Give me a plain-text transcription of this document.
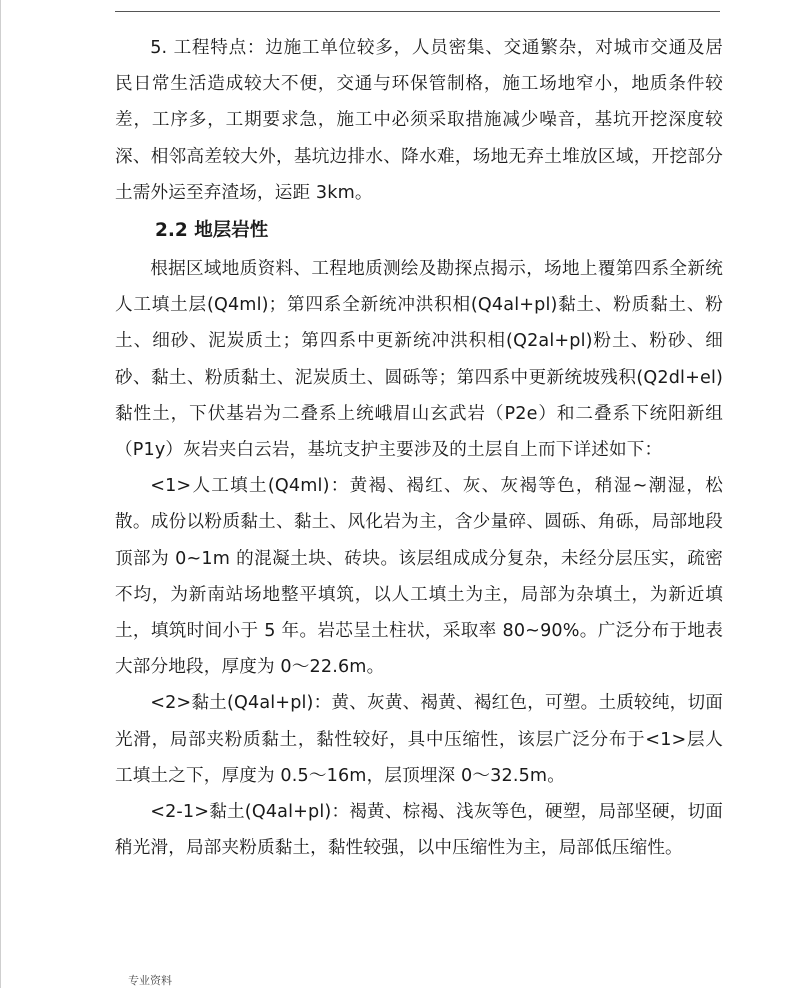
5. 工程特点：边施工单位较多，人员密集、交通繁杂，对城市交通及居民日常生活造成较大不便，交通与环保管制格，施工场地窄小，地质条件较差，工序多，工期要求急，施工中必须采取措施减少噪音，基坑开挖深度较深、相邻高差较大外，基坑边排水、降水难，场地无弃土堆放区域，开挖部分土需外运至弃渣场，运距 3km。

2.2 地层岩性

根据区域地质资料、工程地质测绘及勘探点揭示，场地上覆第四系全新统人工填土层(Q4ml)；第四系全新统冲洪积相(Q4al+pl)黏土、粉质黏土、粉土、细砂、泥炭质土；第四系中更新统冲洪积相(Q2al+pl)粉土、粉砂、细砂、黏土、粉质黏土、泥炭质土、圆砾等；第四系中更新统坡残积(Q2dl+el)黏性土，下伏基岩为二叠系上统峨眉山玄武岩（P2e）和二叠系下统阳新组（P1y）灰岩夹白云岩，基坑支护主要涉及的土层自上而下详述如下：

<1>人工填土(Q4ml)：黄褐、褐红、灰、灰褐等色，稍湿~潮湿，松散。成份以粉质黏土、黏土、风化岩为主，含少量碎、圆砾、角砾，局部地段顶部为 0~1m 的混凝土块、砖块。该层组成成分复杂，未经分层压实，疏密不均，为新南站场地整平填筑，以人工填土为主，局部为杂填土，为新近填土，填筑时间小于 5 年。岩芯呈土柱状，采取率 80~90%。广泛分布于地表大部分地段，厚度为 0～22.6m。

<2>黏土(Q4al+pl)：黄、灰黄、褐黄、褐红色，可塑。土质较纯，切面光滑，局部夹粉质黏土，黏性较好，具中压缩性，该层广泛分布于<1>层人工填土之下，厚度为 0.5～16m，层顶埋深 0～32.5m。

<2-1>黏土(Q4al+pl)：褐黄、棕褐、浅灰等色，硬塑，局部坚硬，切面稍光滑，局部夹粉质黏土，黏性较强，以中压缩性为主，局部低压缩性。

专业资料
